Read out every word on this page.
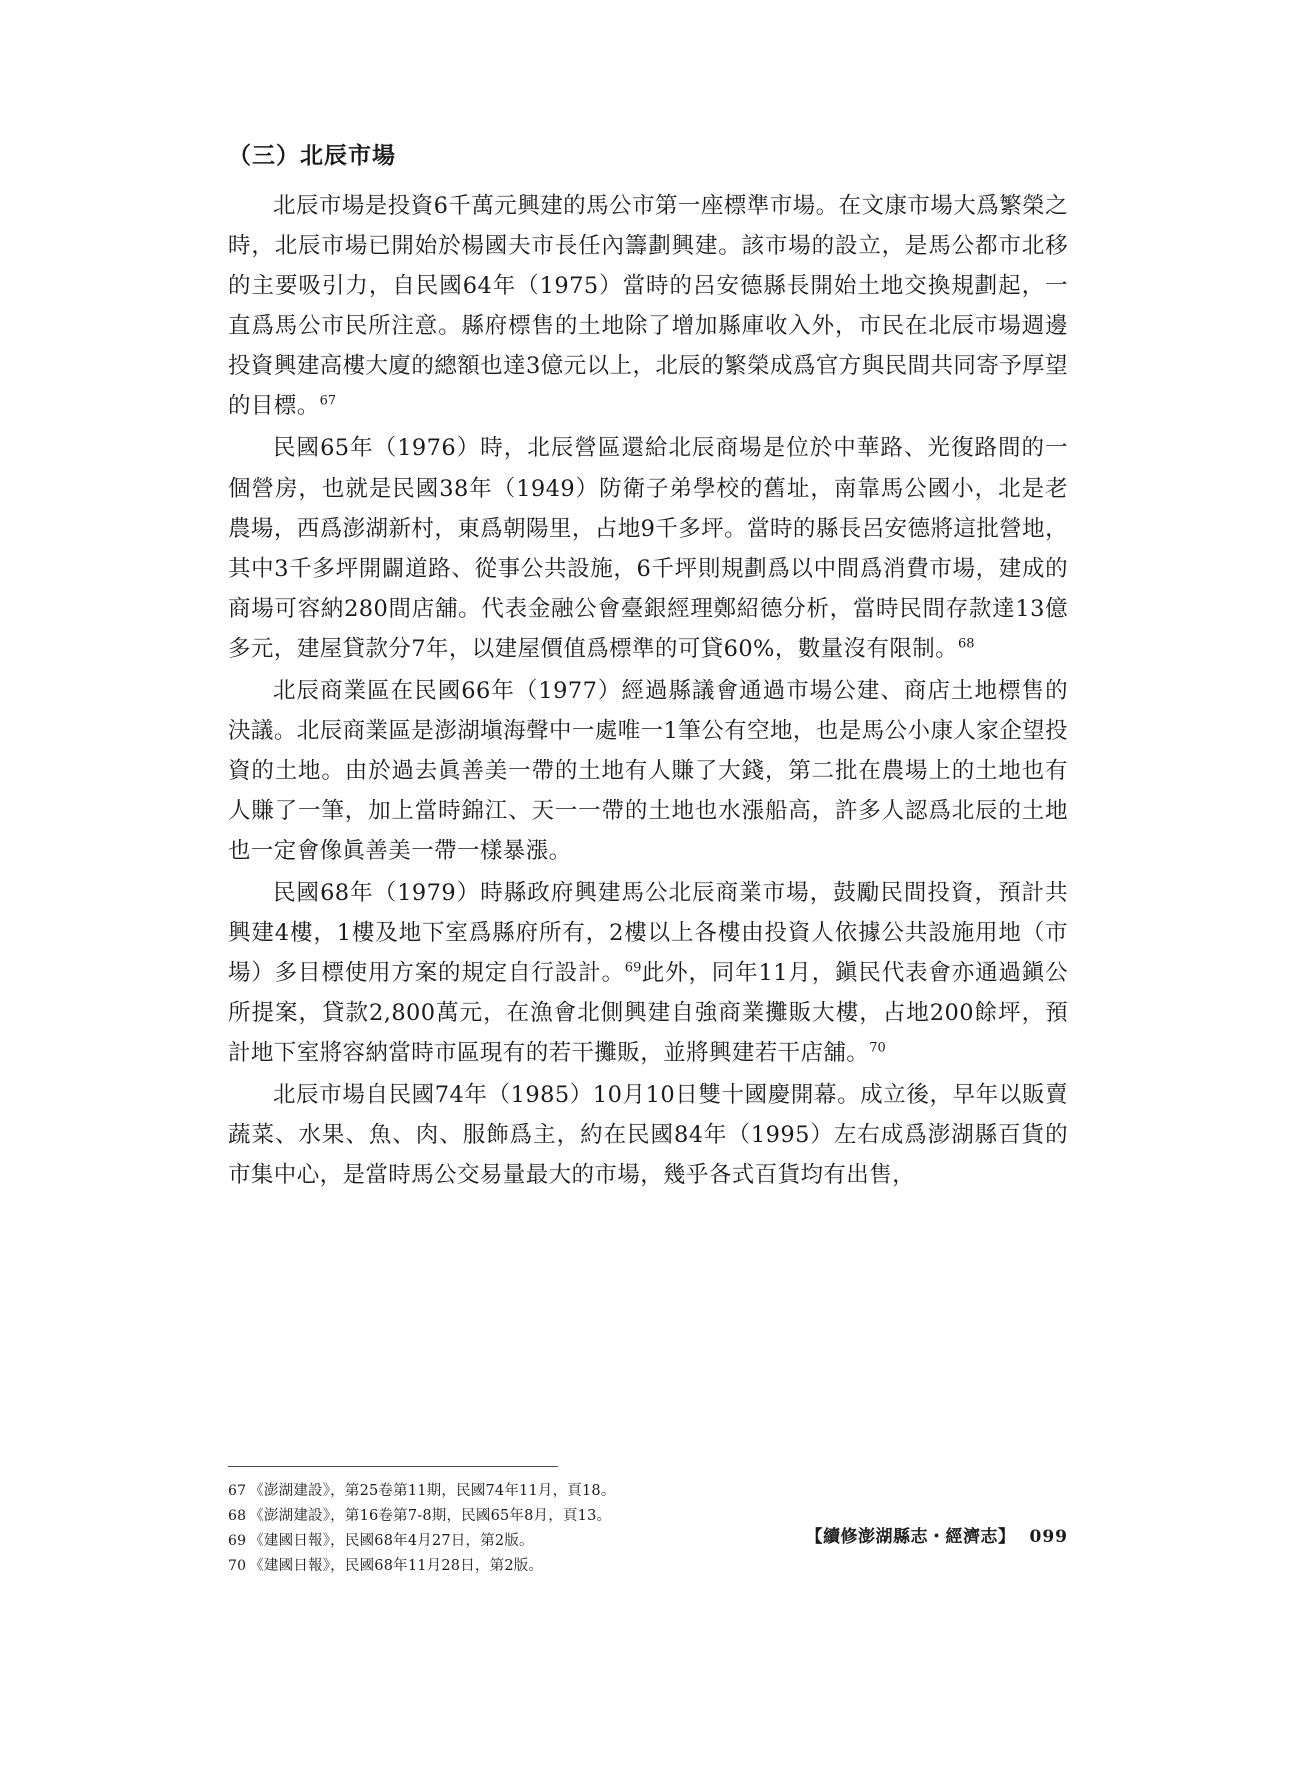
（三）北辰市場

北辰市場是投資6千萬元興建的馬公市第一座標準市場。在文康市場大爲繁榮之時，北辰市場已開始於楊國夫市長任內籌劃興建。該市場的設立，是馬公都市北移的主要吸引力，自民國64年（1975）當時的呂安德縣長開始土地交換規劃起，一直爲馬公市民所注意。縣府標售的土地除了增加縣庫收入外，市民在北辰市場週邊投資興建高樓大廈的總額也達3億元以上，北辰的繁榮成爲官方與民間共同寄予厚望的目標。$^{67}$

民國65年（1976）時，北辰營區還給北辰商場是位於中華路、光復路間的一個營房，也就是民國38年（1949）防衛子弟學校的舊址，南靠馬公國小，北是老農場，西爲澎湖新村，東爲朝陽里，占地9千多坪。當時的縣長呂安德將這批營地，其中3千多坪開闢道路、從事公共設施，6千坪則規劃爲以中間爲消費市場，建成的商場可容納280間店舖。代表金融公會臺銀經理鄭紹德分析，當時民間存款達13億多元，建屋貸款分7年，以建屋價值爲標準的可貸60%，數量沒有限制。$^{68}$

北辰商業區在民國66年（1977）經過縣議會通過市場公建、商店土地標售的決議。北辰商業區是澎湖塡海聲中一處唯一1筆公有空地，也是馬公小康人家企望投資的土地。由於過去眞善美一帶的土地有人賺了大錢，第二批在農場上的土地也有人賺了一筆，加上當時錦江、天一一帶的土地也水漲船高，許多人認爲北辰的土地也一定會像眞善美一帶一樣暴漲。

民國68年（1979）時縣政府興建馬公北辰商業市場，鼓勵民間投資，預計共興建4樓，1樓及地下室爲縣府所有，2樓以上各樓由投資人依據公共設施用地（市場）多目標使用方案的規定自行設計。$^{69}$此外，同年11月，鎭民代表會亦通過鎭公所提案，貸款2,800萬元，在漁會北側興建自強商業攤販大樓，占地200餘坪，預計地下室將容納當時市區現有的若干攤販，並將興建若干店舖。$^{70}$

北辰市場自民國74年（1985）10月10日雙十國慶開幕。成立後，早年以販賣蔬菜、水果、魚、肉、服飾爲主，約在民國84年（1995）左右成爲澎湖縣百貨的市集中心，是當時馬公交易量最大的市場，幾乎各式百貨均有出售，

67 《澎湖建設》，第25卷第11期，民國74年11月，頁18。
68 《澎湖建設》，第16卷第7-8期，民國65年8月，頁13。
69 《建國日報》，民國68年4月27日，第2版。
70 《建國日報》，民國68年11月28日，第2版。
【續修澎湖縣志・經濟志】 099
